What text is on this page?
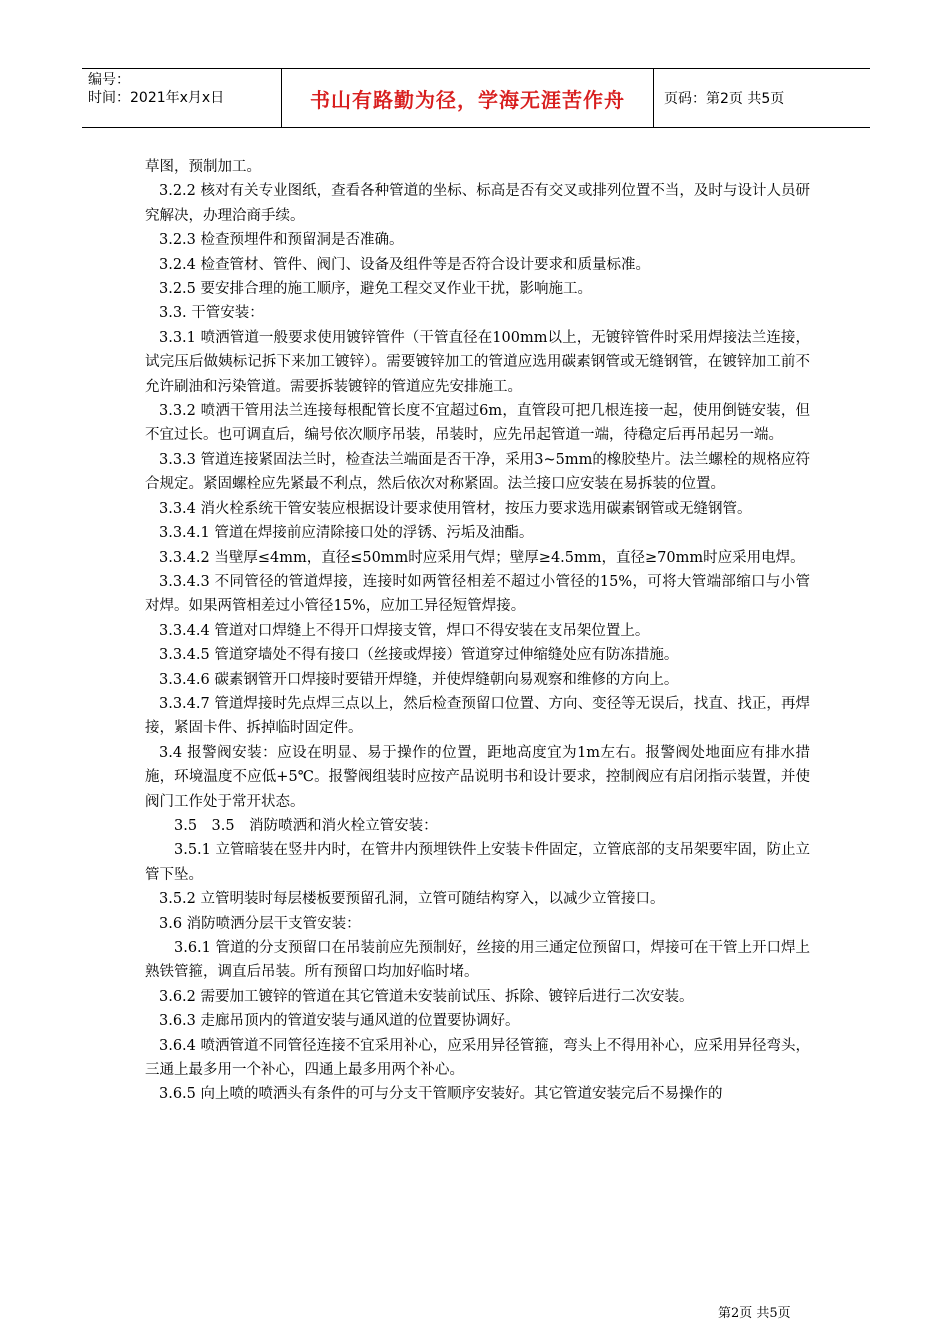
编号：
时间：2021年x月x日	书山有路勤为径，学海无涯苦作舟	页码：第2页 共5页

草图，预制加工。

3.2.2 核对有关专业图纸，查看各种管道的坐标、标高是否有交叉或排列位置不当，及时与设计人员研究解决，办理洽商手续。

3.2.3 检查预埋件和预留洞是否准确。

3.2.4 检查管材、管件、阀门、设备及组件等是否符合设计要求和质量标准。

3.2.5 要安排合理的施工顺序，避免工程交叉作业干扰，影响施工。

3.3. 干管安装：

3.3.1 喷洒管道一般要求使用镀锌管件（干管直径在100mm以上，无镀锌管件时采用焊接法兰连接，试完压后做姨标记拆下来加工镀锌）。需要镀锌加工的管道应选用碳素钢管或无缝钢管，在镀锌加工前不允许刷油和污染管道。需要拆装镀锌的管道应先安排施工。

3.3.2 喷洒干管用法兰连接每根配管长度不宜超过6m，直管段可把几根连接一起，使用倒链安装，但不宜过长。也可调直后，编号依次顺序吊装，吊装时，应先吊起管道一端，待稳定后再吊起另一端。

3.3.3 管道连接紧固法兰时，检查法兰端面是否干净，采用3~5mm的橡胶垫片。法兰螺栓的规格应符合规定。紧固螺栓应先紧最不利点，然后依次对称紧固。法兰接口应安装在易拆装的位置。

3.3.4 消火栓系统干管安装应根据设计要求使用管材，按压力要求选用碳素钢管或无缝钢管。

3.3.4.1 管道在焊接前应清除接口处的浮锈、污垢及油酯。

3.3.4.2 当壁厚≤4mm，直径≤50mm时应采用气焊；壁厚≥4.5mm，直径≥70mm时应采用电焊。

3.3.4.3 不同管径的管道焊接，连接时如两管径相差不超过小管径的15%，可将大管端部缩口与小管对焊。如果两管相差过小管径15%，应加工异径短管焊接。

3.3.4.4 管道对口焊缝上不得开口焊接支管，焊口不得安装在支吊架位置上。

3.3.4.5 管道穿墙处不得有接口（丝接或焊接）管道穿过伸缩缝处应有防冻措施。

3.3.4.6 碳素钢管开口焊接时要错开焊缝，并使焊缝朝向易观察和维修的方向上。

3.3.4.7 管道焊接时先点焊三点以上，然后检查预留口位置、方向、变径等无误后，找直、找正，再焊接，紧固卡件、拆掉临时固定件。

3.4 报警阀安装：应设在明显、易于操作的位置，距地高度宜为1m左右。报警阀处地面应有排水措施，环境温度不应低+5℃。报警阀组装时应按产品说明书和设计要求，控制阀应有启闭指示装置，并使阀门工作处于常开状态。

3.5　3.5　消防喷洒和消火栓立管安装：

3.5.1 立管暗装在竖井内时，在管井内预埋铁件上安装卡件固定，立管底部的支吊架要牢固，防止立管下坠。

3.5.2 立管明装时每层楼板要预留孔洞，立管可随结构穿入，以减少立管接口。

3.6 消防喷洒分层干支管安装：

3.6.1 管道的分支预留口在吊装前应先预制好，丝接的用三通定位预留口，焊接可在干管上开口焊上熟铁管箍，调直后吊装。所有预留口均加好临时堵。

3.6.2 需要加工镀锌的管道在其它管道未安装前试压、拆除、镀锌后进行二次安装。

3.6.3 走廊吊顶内的管道安装与通风道的位置要协调好。

3.6.4 喷洒管道不同管径连接不宜采用补心，应采用异径管箍，弯头上不得用补心，应采用异径弯头，三通上最多用一个补心，四通上最多用两个补心。

3.6.5 向上喷的喷洒头有条件的可与分支干管顺序安装好。其它管道安装完后不易操作的

第2页 共5页
